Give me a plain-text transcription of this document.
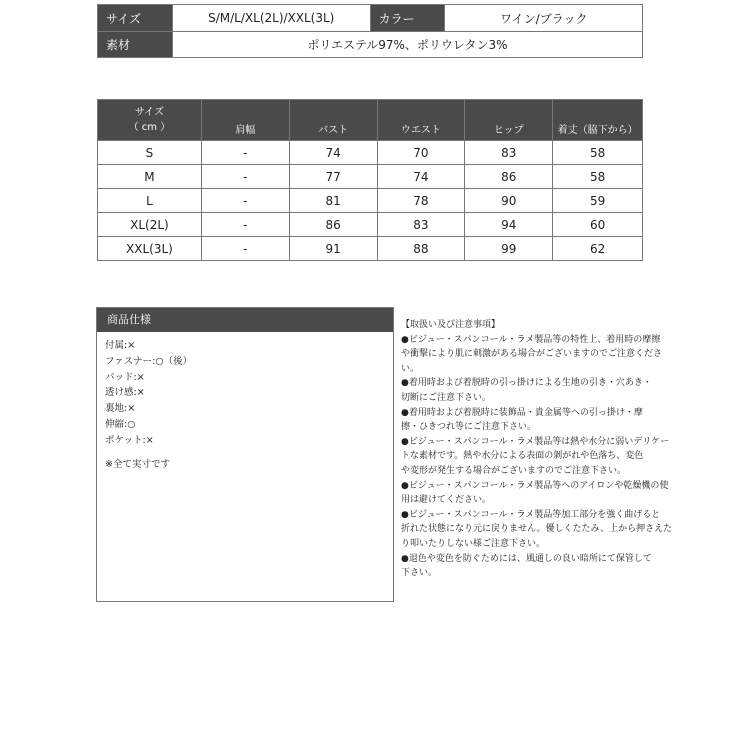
サイズ	S/M/L/XL(2L)/XXL(3L)	カラー	ワイン/ブラック
素材	ポリエステル97%、ポリウレタン3%		
サイズ
（ cm ）	肩幅	バスト	ウエスト	ヒップ	着丈（脇下から）
S	-	74	70	83	58
M	-	77	74	86	58
L	-	81	78	90	59
XL(2L)	-	86	83	94	60
XXL(3L)	-	91	88	99	62
商品仕様
付属:×
ファスナー:○（後）
パッド:×
透け感:×
裏地:×
伸縮:○
ポケット:×
※全て実寸です
【取扱い及び注意事項】
●ビジュー・スパンコール・ラメ製品等の特性上、着用時の摩擦
や衝撃により肌に刺激がある場合がございますのでご注意くださ
い。
●着用時および着脱時の引っ掛けによる生地の引き・穴あき・
切断にご注意下さい。
●着用時および着脱時に装飾品・貴金属等への引っ掛け・摩
擦・ひきつれ等にご注意下さい。
●ビジュー・スパンコール・ラメ製品等は熱や水分に弱いデリケー
トな素材です。熱や水分による表面の剝がれや色落ち、変色
や変形が発生する場合がございますのでご注意下さい。
●ビジュー・スパンコール・ラメ製品等へのアイロンや乾燥機の使
用は避けてください。
●ビジュー・スパンコール・ラメ製品等加工部分を強く曲げると
折れた状態になり元に戻りません。優しくたたみ、上から押さえた
り叩いたりしない様ご注意下さい。
●退色や変色を防ぐためには、風通しの良い暗所にて保管して
下さい。
